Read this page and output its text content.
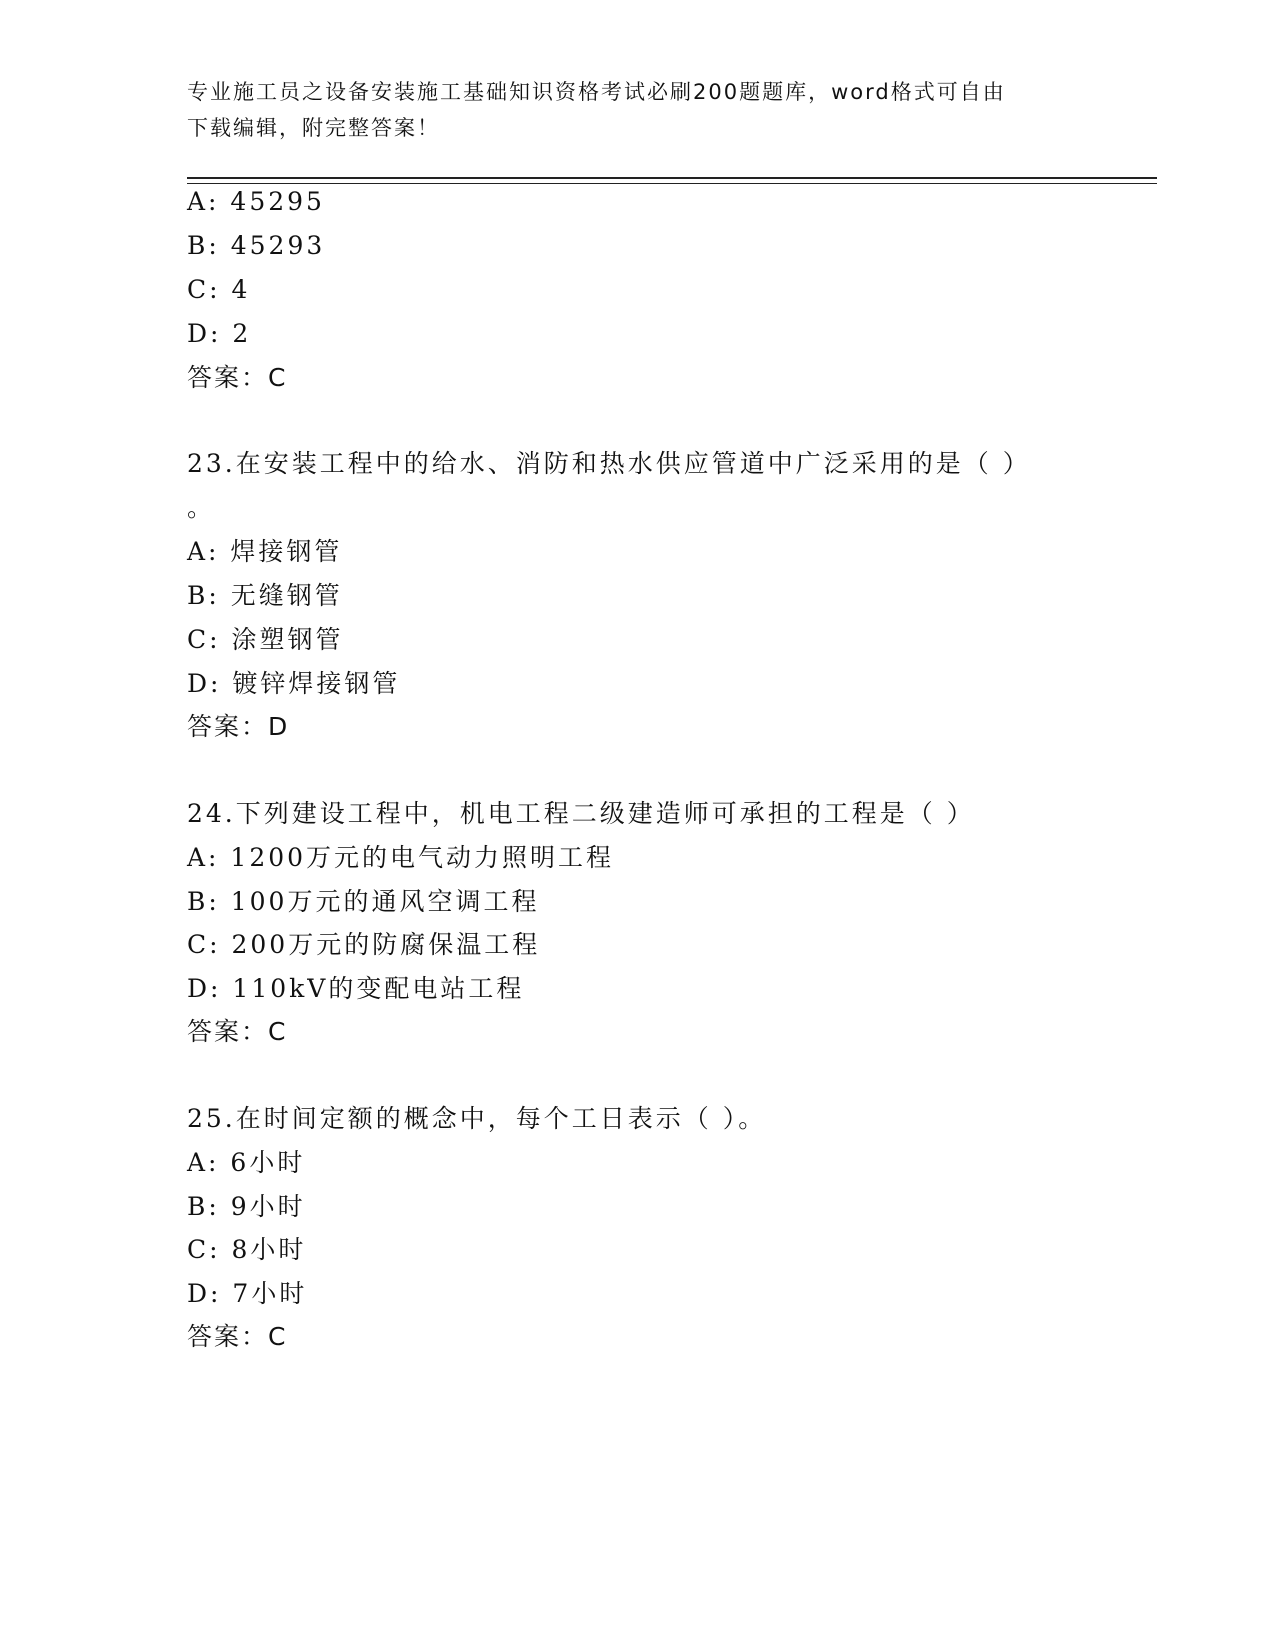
专业施工员之设备安装施工基础知识资格考试必刷200题题库，word格式可自由
下载编辑，附完整答案！
A: 45295
B: 45293
C: 4
D: 2
答案：C
23.在安装工程中的给水、消防和热水供应管道中广泛采用的是（ ）
。
A: 焊接钢管
B: 无缝钢管
C: 涂塑钢管
D: 镀锌焊接钢管
答案：D
24.下列建设工程中，机电工程二级建造师可承担的工程是（ ）
A: 1200万元的电气动力照明工程
B: 100万元的通风空调工程
C: 200万元的防腐保温工程
D: 110kV的变配电站工程
答案：C
25.在时间定额的概念中，每个工日表示（ ）。
A: 6小时
B: 9小时
C: 8小时
D: 7小时
答案：C
